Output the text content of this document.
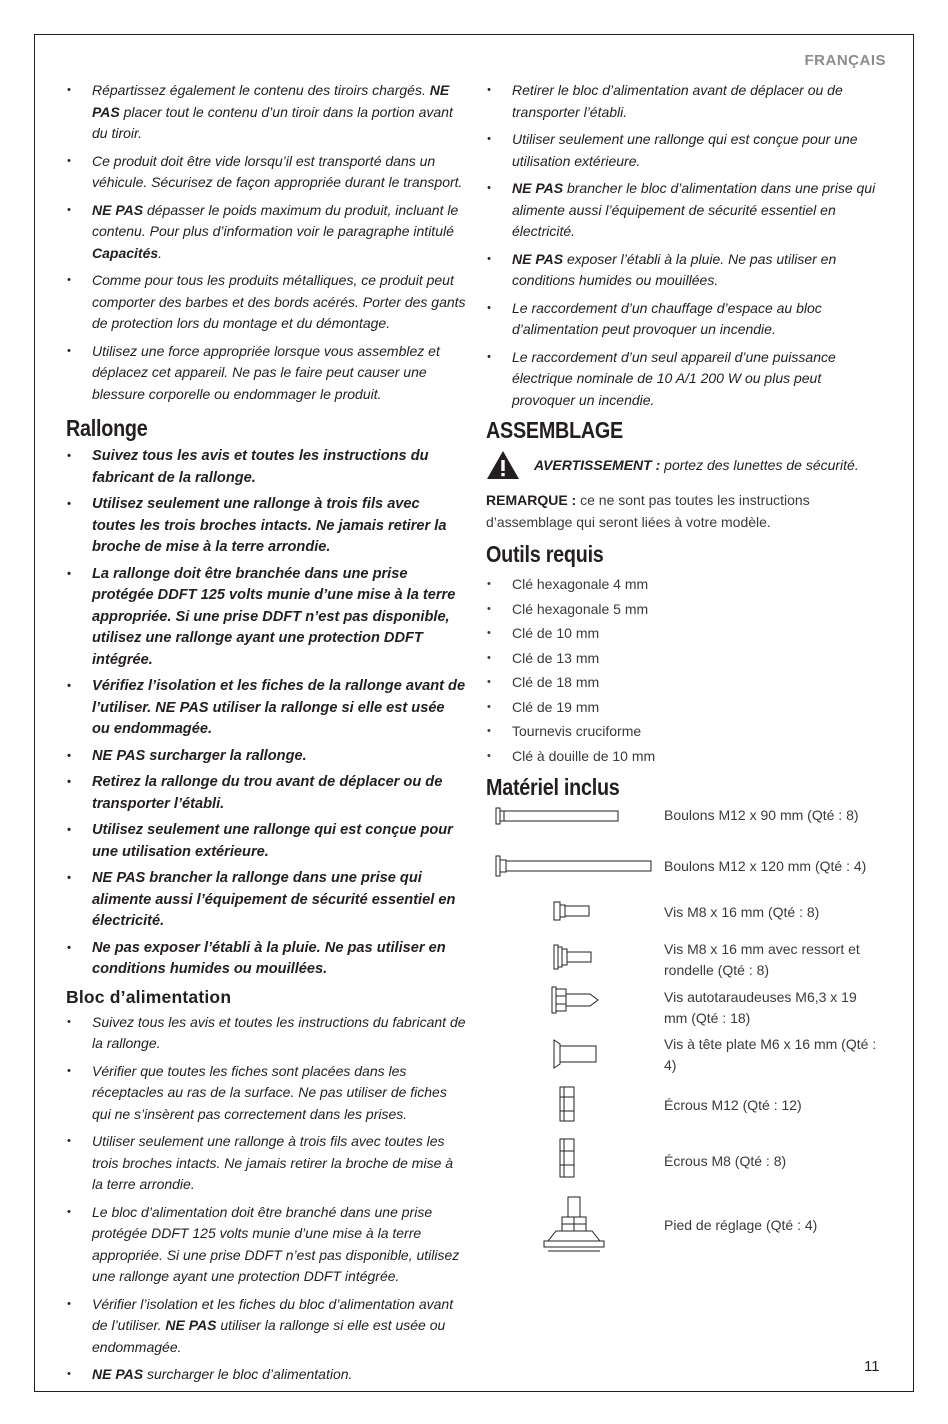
FRANÇAIS
• Répartissez également le contenu des tiroirs chargés. NE PAS placer tout le contenu d’un tiroir dans la portion avant du tiroir.
• Ce produit doit être vide lorsqu’il est transporté dans un véhicule. Sécurisez de façon appropriée durant le transport.
• NE PAS dépasser le poids maximum du produit, incluant le contenu. Pour plus d’information voir le paragraphe intitulé Capacités.
• Comme pour tous les produits métalliques, ce produit peut comporter des barbes et des bords acérés. Porter des gants de protection lors du montage et du démontage.
• Utilisez une force appropriée lorsque vous assemblez et déplacez cet appareil. Ne pas le faire peut causer une blessure corporelle ou endommager le produit.
Rallonge
• Suivez tous les avis et toutes les instructions du fabricant de la rallonge.
• Utilisez seulement une rallonge à trois fils avec toutes les trois broches intacts. Ne jamais retirer la broche de mise à la terre arrondie.
• La rallonge doit être branchée dans une prise protégée DDFT 125 volts munie d’une mise à la terre appropriée. Si une prise DDFT n’est pas disponible, utilisez une rallonge ayant une protection DDFT intégrée.
• Vérifiez l’isolation et les fiches de la rallonge avant de l’utiliser. NE PAS utiliser la rallonge si elle est usée ou endommagée.
• NE PAS surcharger la rallonge.
• Retirez la rallonge du trou avant de déplacer ou de transporter l’établi.
• Utilisez seulement une rallonge qui est conçue pour une utilisation extérieure.
• NE PAS brancher la rallonge dans une prise qui alimente aussi l’équipement de sécurité essentiel en électricité.
• Ne pas exposer l’établi à la pluie. Ne pas utiliser en conditions humides ou mouillées.
Bloc d’alimentation
• Suivez tous les avis et toutes les instructions du fabricant de la rallonge.
• Vérifier que toutes les fiches sont placées dans les réceptacles au ras de la surface. Ne pas utiliser de fiches qui ne s’insèrent pas correctement dans les prises.
• Utiliser seulement une rallonge à trois fils avec toutes les trois broches intacts. Ne jamais retirer la broche de mise à la terre arrondie.
• Le bloc d’alimentation doit être branché dans une prise protégée DDFT 125 volts munie d’une mise à la terre appropriée. Si une prise DDFT n’est pas disponible, utilisez une rallonge ayant une protection DDFT intégrée.
• Vérifier l’isolation et les fiches du bloc d’alimentation avant de l’utiliser. NE PAS utiliser la rallonge si elle est usée ou endommagée.
• NE PAS surcharger le bloc d’alimentation.
• Retirer le bloc d’alimentation avant de déplacer ou de transporter l’établi.
• Utiliser seulement une rallonge qui est conçue pour une utilisation extérieure.
• NE PAS brancher le bloc d’alimentation dans une prise qui alimente aussi l’équipement de sécurité essentiel en électricité.
• NE PAS exposer l’établi à la pluie. Ne pas utiliser en conditions humides ou mouillées.
• Le raccordement d’un chauffage d’espace au bloc d’alimentation peut provoquer un incendie.
• Le raccordement d’un seul appareil d’une puissance électrique nominale de 10 A/1 200 W ou plus peut provoquer un incendie.
ASSEMBLAGE
AVERTISSEMENT : portez des lunettes de sécurité.

REMARQUE : ce ne sont pas toutes les instructions d’assemblage qui seront liées à votre modèle.

Outils requis
• Clé hexagonale 4 mm
• Clé hexagonale 5 mm
• Clé de 10 mm
• Clé de 13 mm
• Clé de 18 mm
• Clé de 19 mm
• Tournevis cruciforme
• Clé à douille de 10 mm
Matériel inclus
Boulons M12 x 90 mm (Qté : 8)
Boulons M12 x 120 mm (Qté : 4)
Vis M8 x 16 mm (Qté : 8)
Vis M8 x 16 mm avec ressort et rondelle (Qté : 8)
Vis autotaraudeuses M6,3 x 19 mm (Qté : 18)
Vis à tête plate M6 x 16 mm (Qté : 4)
Écrous M12 (Qté : 12)
Écrous M8 (Qté : 8)
Pied de réglage (Qté : 4)
11
